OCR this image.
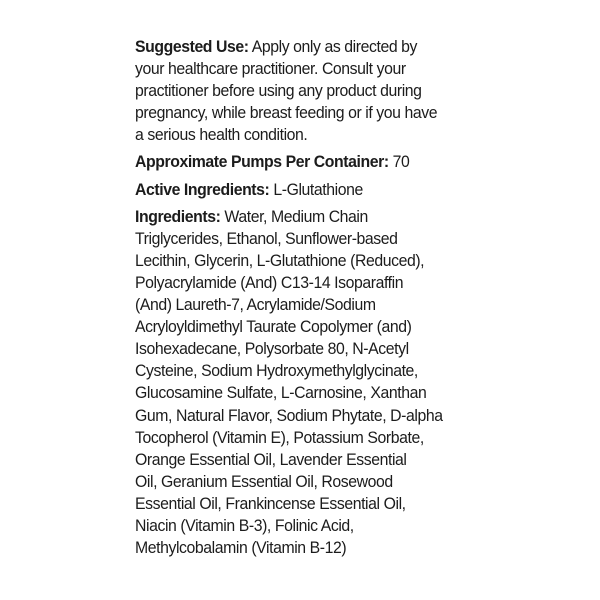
Suggested Use: Apply only as directed by
your healthcare practitioner. Consult your
practitioner before using any product during
pregnancy, while breast feeding or if you have
a serious health condition.
Approximate Pumps Per Container: 70
Active Ingredients: L-Glutathione
Ingredients: Water, Medium Chain
Triglycerides, Ethanol, Sunflower-based
Lecithin, Glycerin, L-Glutathione (Reduced),
Polyacrylamide (And) C13-14 Isoparaffin
(And) Laureth-7, Acrylamide/Sodium
Acryloyldimethyl Taurate Copolymer (and)
Isohexadecane, Polysorbate 80, N-Acetyl
Cysteine, Sodium Hydroxymethylglycinate,
Glucosamine Sulfate, L-Carnosine, Xanthan
Gum, Natural Flavor, Sodium Phytate, D-alpha
Tocopherol (Vitamin E), Potassium Sorbate,
Orange Essential Oil, Lavender Essential
Oil, Geranium Essential Oil, Rosewood
Essential Oil, Frankincense Essential Oil,
Niacin (Vitamin B-3), Folinic Acid,
Methylcobalamin (Vitamin B-12)
